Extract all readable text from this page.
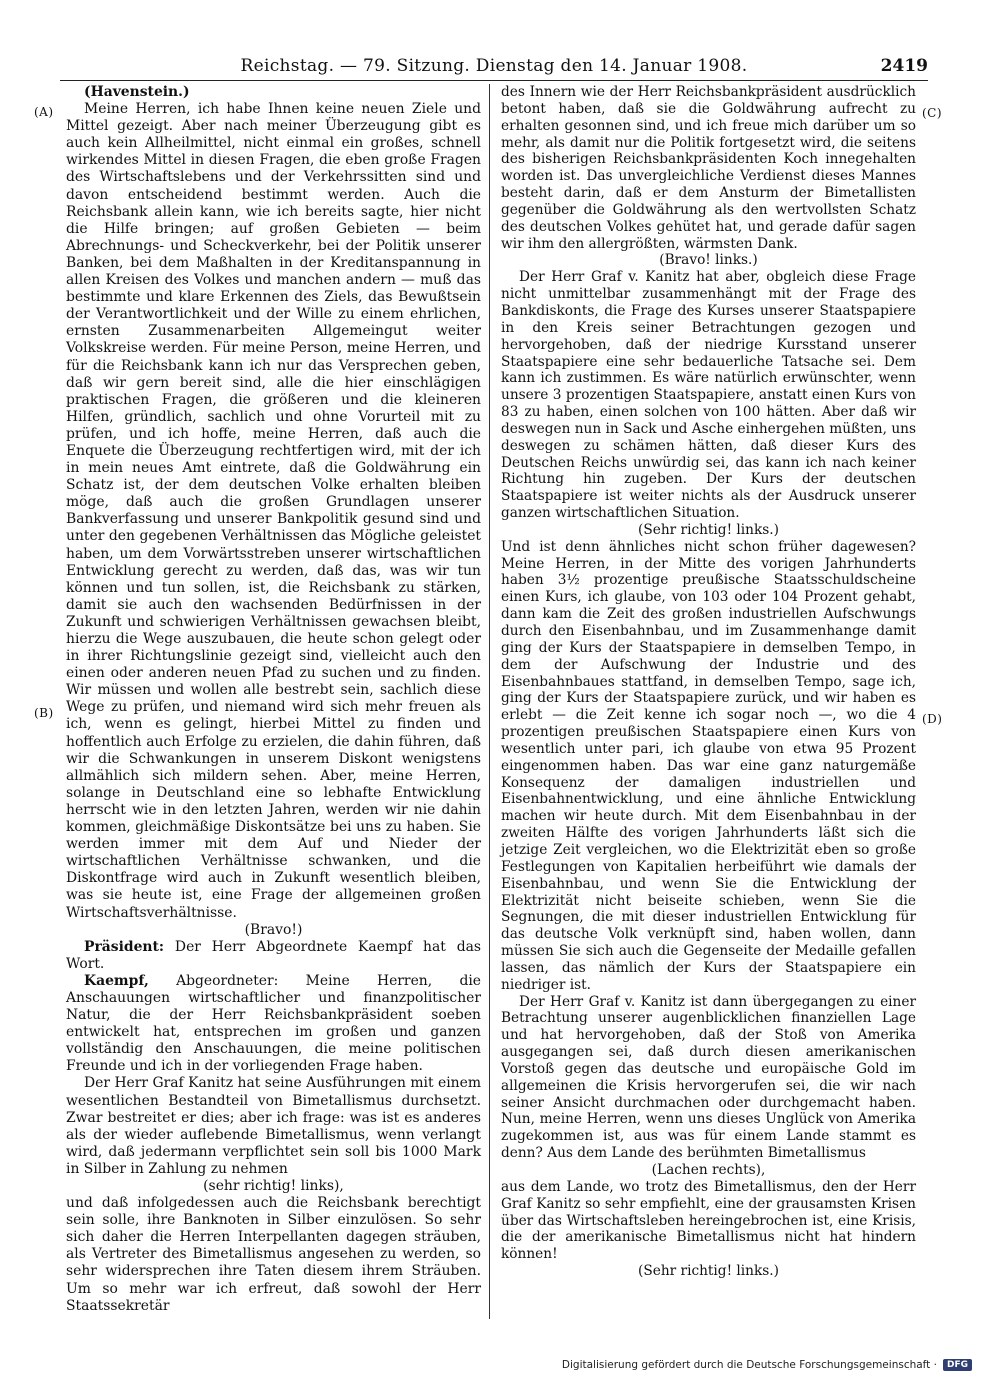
Reichstag. — 79. Sitzung. Dienstag den 14. Januar 1908.	2419
(A)
(B)
(C)
(D)

(Havenstein.)

Meine Herren, ich habe Ihnen keine neuen Ziele und Mittel gezeigt. Aber nach meiner Überzeugung gibt es auch kein Allheilmittel, nicht einmal ein großes, schnell wirkendes Mittel in diesen Fragen, die eben große Fragen des Wirtschaftslebens und der Verkehrssitten sind und davon entscheidend bestimmt werden. Auch die Reichsbank allein kann, wie ich bereits sagte, hier nicht die Hilfe bringen; auf großen Gebieten — beim Abrechnungs- und Scheckverkehr, bei der Politik unserer Banken, bei dem Maßhalten in der Kreditanspannung in allen Kreisen des Volkes und manchen andern — muß das bestimmte und klare Erkennen des Ziels, das Bewußtsein der Verantwortlichkeit und der Wille zu einem ehrlichen, ernsten Zusammenarbeiten Allgemeingut weiter Volkskreise werden. Für meine Person, meine Herren, und für die Reichsbank kann ich nur das Versprechen geben, daß wir gern bereit sind, alle die hier einschlägigen praktischen Fragen, die größeren und die kleineren Hilfen, gründlich, sachlich und ohne Vorurteil mit zu prüfen, und ich hoffe, meine Herren, daß auch die Enquete die Überzeugung rechtfertigen wird, mit der ich in mein neues Amt eintrete, daß die Goldwährung ein Schatz ist, der dem deutschen Volke erhalten bleiben möge, daß auch die großen Grundlagen unserer Bankverfassung und unserer Bankpolitik gesund sind und unter den gegebenen Verhältnissen das Mögliche geleistet haben, um dem Vorwärtsstreben unserer wirtschaftlichen Entwicklung gerecht zu werden, daß das, was wir tun können und tun sollen, ist, die Reichsbank zu stärken, damit sie auch den wachsenden Bedürfnissen in der Zukunft und schwierigen Verhältnissen gewachsen bleibt, hierzu die Wege auszubauen, die heute schon gelegt oder in ihrer Richtungslinie gezeigt sind, vielleicht auch den einen oder anderen neuen Pfad zu suchen und zu finden. Wir müssen und wollen alle bestrebt sein, sachlich diese Wege zu prüfen, und niemand wird sich mehr freuen als ich, wenn es gelingt, hierbei Mittel zu finden und hoffentlich auch Erfolge zu erzielen, die dahin führen, daß wir die Schwankungen in unserem Diskont wenigstens allmählich sich mildern sehen. Aber, meine Herren, solange in Deutschland eine so lebhafte Entwicklung herrscht wie in den letzten Jahren, werden wir nie dahin kommen, gleichmäßige Diskontsätze bei uns zu haben. Sie werden immer mit dem Auf und Nieder der wirtschaftlichen Verhältnisse schwanken, und die Diskontfrage wird auch in Zukunft wesentlich bleiben, was sie heute ist, eine Frage der allgemeinen großen Wirtschaftsverhältnisse.

(Bravo!)

Präsident: Der Herr Abgeordnete Kaempf hat das Wort.

Kaempf, Abgeordneter: Meine Herren, die Anschauungen wirtschaftlicher und finanzpolitischer Natur, die der Herr Reichsbankpräsident soeben entwickelt hat, entsprechen im großen und ganzen vollständig den Anschauungen, die meine politischen Freunde und ich in der vorliegenden Frage haben.

Der Herr Graf Kanitz hat seine Ausführungen mit einem wesentlichen Bestandteil von Bimetallismus durchsetzt. Zwar bestreitet er dies; aber ich frage: was ist es anderes als der wieder auflebende Bimetallismus, wenn verlangt wird, daß jedermann verpflichtet sein soll bis 1000 Mark in Silber in Zahlung zu nehmen

(sehr richtig! links),

und daß infolgedessen auch die Reichsbank berechtigt sein solle, ihre Banknoten in Silber einzulösen. So sehr sich daher die Herren Interpellanten dagegen sträuben, als Vertreter des Bimetallismus angesehen zu werden, so sehr widersprechen ihre Taten diesem ihrem Sträuben. Um so mehr war ich erfreut, daß sowohl der Herr Staatssekretär

des Innern wie der Herr Reichsbankpräsident ausdrücklich betont haben, daß sie die Goldwährung aufrecht zu erhalten gesonnen sind, und ich freue mich darüber um so mehr, als damit nur die Politik fortgesetzt wird, die seitens des bisherigen Reichsbankpräsidenten Koch innegehalten worden ist. Das unvergleichliche Verdienst dieses Mannes besteht darin, daß er dem Ansturm der Bimetallisten gegenüber die Goldwährung als den wertvollsten Schatz des deutschen Volkes gehütet hat, und gerade dafür sagen wir ihm den allergrößten, wärmsten Dank.

(Bravo! links.)

Der Herr Graf v. Kanitz hat aber, obgleich diese Frage nicht unmittelbar zusammenhängt mit der Frage des Bankdiskonts, die Frage des Kurses unserer Staatspapiere in den Kreis seiner Betrachtungen gezogen und hervorgehoben, daß der niedrige Kursstand unserer Staatspapiere eine sehr bedauerliche Tatsache sei. Dem kann ich zustimmen. Es wäre natürlich erwünschter, wenn unsere 3 prozentigen Staatspapiere, anstatt einen Kurs von 83 zu haben, einen solchen von 100 hätten. Aber daß wir deswegen nun in Sack und Asche einhergehen müßten, uns deswegen zu schämen hätten, daß dieser Kurs des Deutschen Reichs unwürdig sei, das kann ich nach keiner Richtung hin zugeben. Der Kurs der deutschen Staatspapiere ist weiter nichts als der Ausdruck unserer ganzen wirtschaftlichen Situation.

(Sehr richtig! links.)

Und ist denn ähnliches nicht schon früher dagewesen? Meine Herren, in der Mitte des vorigen Jahrhunderts haben 3½ prozentige preußische Staatsschuldscheine einen Kurs, ich glaube, von 103 oder 104 Prozent gehabt, dann kam die Zeit des großen industriellen Aufschwungs durch den Eisenbahnbau, und im Zusammenhange damit ging der Kurs der Staatspapiere in demselben Tempo, in dem der Aufschwung der Industrie und des Eisenbahnbaues stattfand, in demselben Tempo, sage ich, ging der Kurs der Staatspapiere zurück, und wir haben es erlebt — die Zeit kenne ich sogar noch —, wo die 4 prozentigen preußischen Staatspapiere einen Kurs von wesentlich unter pari, ich glaube von etwa 95 Prozent eingenommen haben. Das war eine ganz naturgemäße Konsequenz der damaligen industriellen und Eisenbahnentwicklung, und eine ähnliche Entwicklung machen wir heute durch. Mit dem Eisenbahnbau in der zweiten Hälfte des vorigen Jahrhunderts läßt sich die jetzige Zeit vergleichen, wo die Elektrizität eben so große Festlegungen von Kapitalien herbeiführt wie damals der Eisenbahnbau, und wenn Sie die Entwicklung der Elektrizität nicht beiseite schieben, wenn Sie die Segnungen, die mit dieser industriellen Entwicklung für das deutsche Volk verknüpft sind, haben wollen, dann müssen Sie sich auch die Gegenseite der Medaille gefallen lassen, das nämlich der Kurs der Staatspapiere ein niedriger ist.

Der Herr Graf v. Kanitz ist dann übergegangen zu einer Betrachtung unserer augenblicklichen finanziellen Lage und hat hervorgehoben, daß der Stoß von Amerika ausgegangen sei, daß durch diesen amerikanischen Vorstoß gegen das deutsche und europäische Gold im allgemeinen die Krisis hervorgerufen sei, die wir nach seiner Ansicht durchmachen oder durchgemacht haben. Nun, meine Herren, wenn uns dieses Unglück von Amerika zugekommen ist, aus was für einem Lande stammt es denn? Aus dem Lande des berühmten Bimetallismus

(Lachen rechts),

aus dem Lande, wo trotz des Bimetallismus, den der Herr Graf Kanitz so sehr empfiehlt, eine der grausamsten Krisen über das Wirtschaftsleben hereingebrochen ist, eine Krisis, die der amerikanische Bimetallismus nicht hat hindern können!

(Sehr richtig! links.)

Digitalisierung gefördert durch die Deutsche Forschungsgemeinschaft ·	DFG
